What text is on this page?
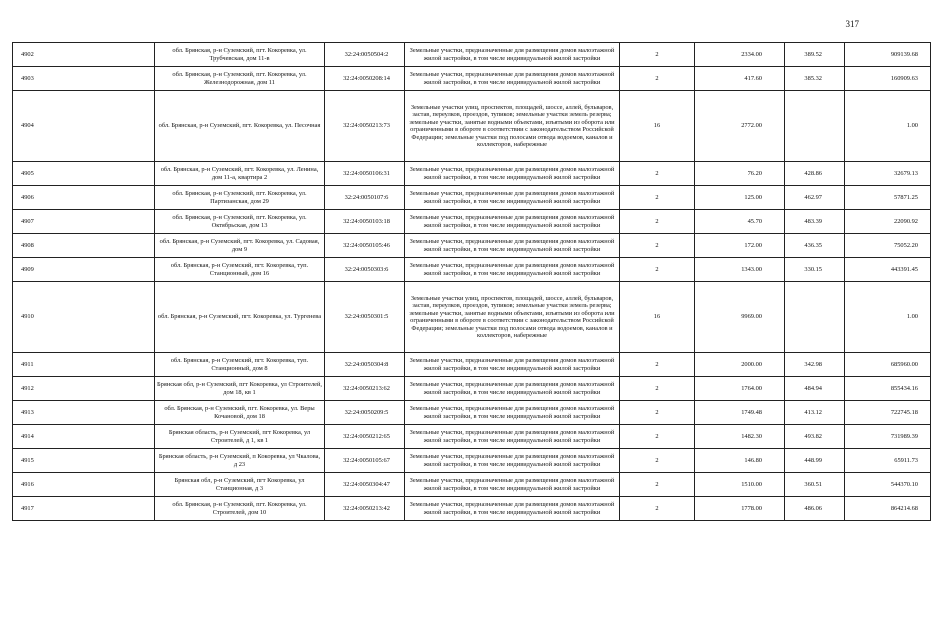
317
4902	обл. Брянская, р-н Суземский, пгт. Кокоревка, ул. Трубчевская, дом 11-в	32:24:0050504:2	Земельные участки, предназначенные для размещения домов малоэтажной жилой застройки, в том числе индивидуальной жилой застройки	2	2334.00	389.52	909139.68
4903	обл. Брянская, р-н Суземский, пгт. Кокоревка, ул. Железнодорожная, дом 11	32:24:0050208:14	Земельные участки, предназначенные для размещения домов малоэтажной жилой застройки, в том числе индивидуальной жилой застройки	2	417.60	385.32	160909.63
4904	обл. Брянская, р-н Суземский, пгт. Кокоревка, ул. Песочная	32:24:0050213:73	Земельные участки улиц, проспектов, площадей, шоссе, аллей, бульваров, застав, переулков, проездов, тупиков; земельные участки земель резерва; земельные участки, занятые водными объектами, изъятыми из оборота или ограниченными в обороте в соответствии с законодательством Российской Федерации; земельные участки под полосами отвода водоемов, каналов и коллекторов, набережные	16	2772.00		1.00
4905	обл. Брянская, р-н Суземский, пгт. Кокоревка, ул. Ленина, дом 11-а, квартира 2	32:24:0050106:31	Земельные участки, предназначенные для размещения домов малоэтажной жилой застройки, в том числе индивидуальной жилой застройки	2	76.20	428.86	32679.13
4906	обл. Брянская, р-н Суземский, пгт. Кокоревка, ул. Партизанская, дом 29	32:24:0050107:6	Земельные участки, предназначенные для размещения домов малоэтажной жилой застройки, в том числе индивидуальной жилой застройки	2	125.00	462.97	57871.25
4907	обл. Брянская, р-н Суземский, пгт. Кокоревка, ул. Октябрьская, дом 13	32:24:0050103:18	Земельные участки, предназначенные для размещения домов малоэтажной жилой застройки, в том числе индивидуальной жилой застройки	2	45.70	483.39	22090.92
4908	обл. Брянская, р-н Суземский, пгт. Кокоревка, ул. Садовая, дом 9	32:24:0050105:46	Земельные участки, предназначенные для размещения домов малоэтажной жилой застройки, в том числе индивидуальной жилой застройки	2	172.00	436.35	75052.20
4909	обл. Брянская, р-н Суземский, пгт. Кокоревка, туп. Станционный, дом 16	32:24:0050303:6	Земельные участки, предназначенные для размещения домов малоэтажной жилой застройки, в том числе индивидуальной жилой застройки	2	1343.00	330.15	443391.45
4910	обл. Брянская, р-н Суземский, пгт. Кокоревка, ул. Тургенева	32:24:0050301:5	Земельные участки улиц, проспектов, площадей, шоссе, аллей, бульваров, застав, переулков, проездов, тупиков; земельные участки земель резерва; земельные участки, занятые водными объектами, изъятыми из оборота или ограниченными в обороте в соответствии с законодательством Российской Федерации; земельные участки под полосами отвода водоемов, каналов и коллекторов, набережные	16	9969.00		1.00
4911	обл. Брянская, р-н Суземский, пгт. Кокоревка, туп. Станционный, дом 8	32:24:0050304:8	Земельные участки, предназначенные для размещения домов малоэтажной жилой застройки, в том числе индивидуальной жилой застройки	2	2000.00	342.98	685960.00
4912	Брянская обл, р-н Суземский, пгт Кокоревка, ул Строителей, дом 18, кв 1	32:24:0050213:62	Земельные участки, предназначенные для размещения домов малоэтажной жилой застройки, в том числе индивидуальной жилой застройки	2	1764.00	484.94	855434.16
4913	обл. Брянская, р-н Суземский, пгт. Кокоревка, ул. Веры Кочановой, дом 18	32:24:0050209:5	Земельные участки, предназначенные для размещения домов малоэтажной жилой застройки, в том числе индивидуальной жилой застройки	2	1749.48	413.12	722745.18
4914	Брянская область, р-н Суземский, пгт Кокоревка, ул Строителей, д 1, кв 1	32:24:0050212:65	Земельные участки, предназначенные для размещения домов малоэтажной жилой застройки, в том числе индивидуальной жилой застройки	2	1482.30	493.82	731989.39
4915	Брянская область, р-н Суземский, п Кокоревка, ул Чкалова, д 23	32:24:0050105:67	Земельные участки, предназначенные для размещения домов малоэтажной жилой застройки, в том числе индивидуальной жилой застройки	2	146.80	448.99	65911.73
4916	Брянская обл, р-н Суземский, пгт Кокоревка, ул Станционная, д 3	32:24:0050304:47	Земельные участки, предназначенные для размещения домов малоэтажной жилой застройки, в том числе индивидуальной жилой застройки	2	1510.00	360.51	544370.10
4917	обл. Брянская, р-н Суземский, пгт. Кокоревка, ул. Строителей, дом 10	32:24:0050213:42	Земельные участки, предназначенные для размещения домов малоэтажной жилой застройки, в том числе индивидуальной жилой застройки	2	1778.00	486.06	864214.68
